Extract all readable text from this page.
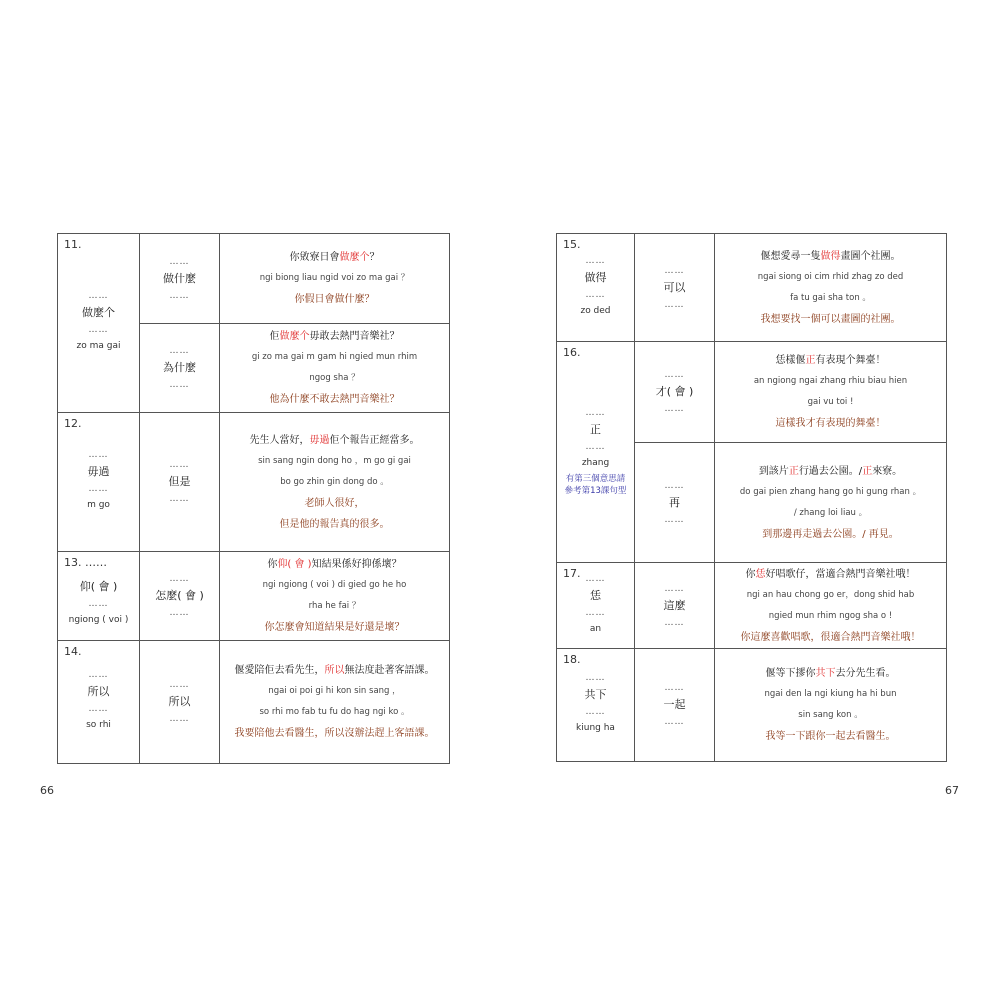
11.
……
做麼个
……
zo ma gai
……
做什麼
……
你敓寮日會做麼个？
ngi biong liau ngid voi zo ma gai ？
你假日會做什麼？
……
為什麼
……
佢做麼个毋敢去熱門音樂社？
gi zo ma gai m gam hi ngied mun rhim
ngog sha ？
他為什麼不敢去熱門音樂社？
12.
……
毋過
……
m go
……
但是
……
先生人當好，毋過佢个報告正經當多。
sin sang ngin dong ho ，m go gi gai
bo go zhin gin dong do 。
老師人很好，
但是他的報告真的很多。
13. ……
仰( 會 )
……
ngiong ( voi )
……
怎麼( 會 )
……
你仰( 會 )知結果係好抑係壞？
ngi ngiong ( voi ) di gied go he ho
rha he fai ？
你怎麼會知道結果是好還是壞？
14.
……
所以
……
so rhi
……
所以
……
偃愛陪佢去看先生，所以無法度赴著客語課。
ngai oi poi gi hi kon sin sang ，
so rhi mo fab tu fu do hag ngi ko 。
我要陪他去看醫生，所以沒辦法趕上客語課。
15.
……
做得
……
zo ded
……
可以
……
偃想愛尋一隻做得畫圖个社團。
ngai siong oi cim rhid zhag zo ded
fa tu gai sha ton 。
我想要找一個可以畫圖的社團。
16.
……
正
……
zhang
有第三個意思請
參考第13課句型
……
才( 會 )
……
恁樣偃正有表現个舞臺！
an ngiong ngai zhang rhiu biau hien
gai vu toi !
這樣我才有表現的舞臺！
……
再
……
到該片正行過去公園。/正來寮。
do gai pien zhang hang go hi gung rhan 。
/ zhang loi liau 。
到那邊再走過去公園。/ 再見。
17. ……
恁
……
an
……
這麼
……
你恁好唱歌仔，當適合熱門音樂社哦！
ngi an hau chong go er，dong shid hab
ngied mun rhim ngog sha o !
你這麼喜歡唱歌，很適合熱門音樂社哦！
18.
……
共下
……
kiung ha
……
一起
……
偃等下摎你共下去分先生看。
ngai den la ngi kiung ha hi bun
sin sang kon 。
我等一下跟你一起去看醫生。
66	67
